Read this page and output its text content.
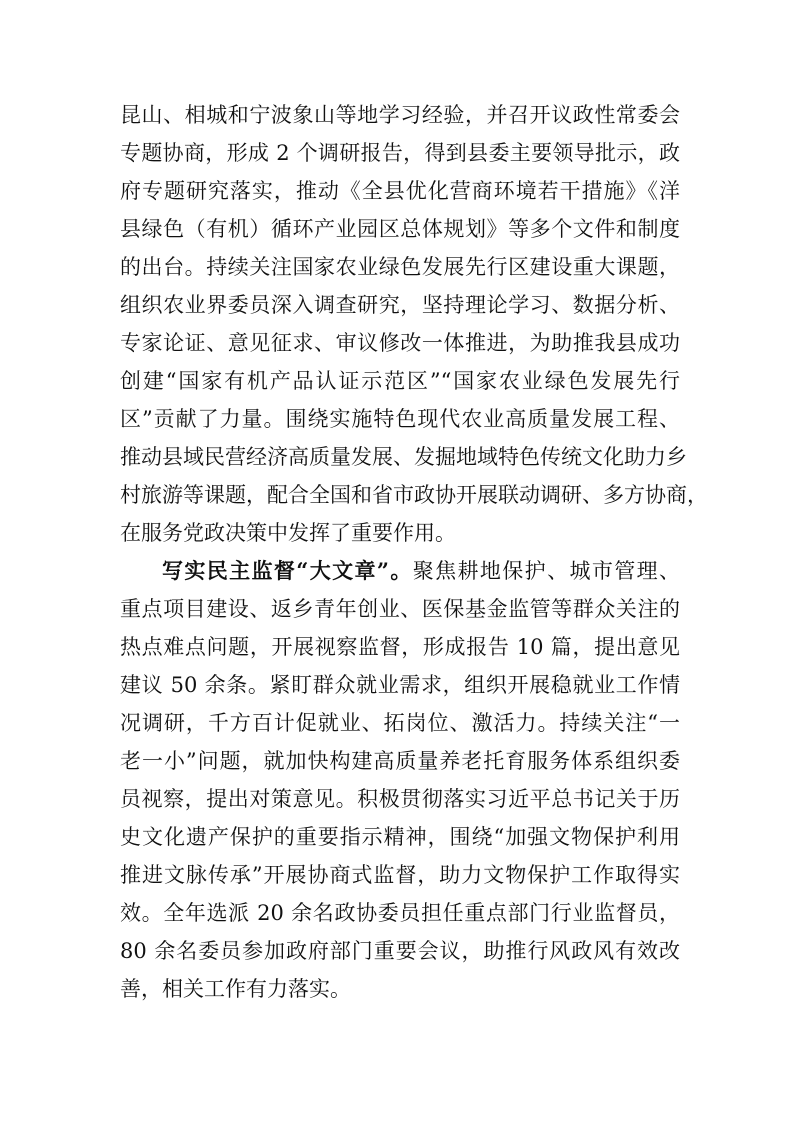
昆山、相城和宁波象山等地学习经验，并召开议政性常委会
专题协商，形成 2 个调研报告，得到县委主要领导批示，政
府专题研究落实，推动《全县优化营商环境若干措施》《洋
县绿色（有机）循环产业园区总体规划》等多个文件和制度
的出台。持续关注国家农业绿色发展先行区建设重大课题，
组织农业界委员深入调查研究，坚持理论学习、数据分析、
专家论证、意见征求、审议修改一体推进，为助推我县成功
创建“国家有机产品认证示范区”“国家农业绿色发展先行
区”贡献了力量。围绕实施特色现代农业高质量发展工程、
推动县域民营经济高质量发展、发掘地域特色传统文化助力乡
村旅游等课题，配合全国和省市政协开展联动调研、多方协商，
在服务党政决策中发挥了重要作用。
写实民主监督“大文章”。聚焦耕地保护、城市管理、
重点项目建设、返乡青年创业、医保基金监管等群众关注的
热点难点问题，开展视察监督，形成报告 10 篇，提出意见
建议 50 余条。紧盯群众就业需求，组织开展稳就业工作情
况调研，千方百计促就业、拓岗位、激活力。持续关注“一
老一小”问题，就加快构建高质量养老托育服务体系组织委
员视察，提出对策意见。积极贯彻落实习近平总书记关于历
史文化遗产保护的重要指示精神，围绕“加强文物保护利用
推进文脉传承”开展协商式监督，助力文物保护工作取得实
效。全年选派 20 余名政协委员担任重点部门行业监督员，
80 余名委员参加政府部门重要会议，助推行风政风有效改
善，相关工作有力落实。
